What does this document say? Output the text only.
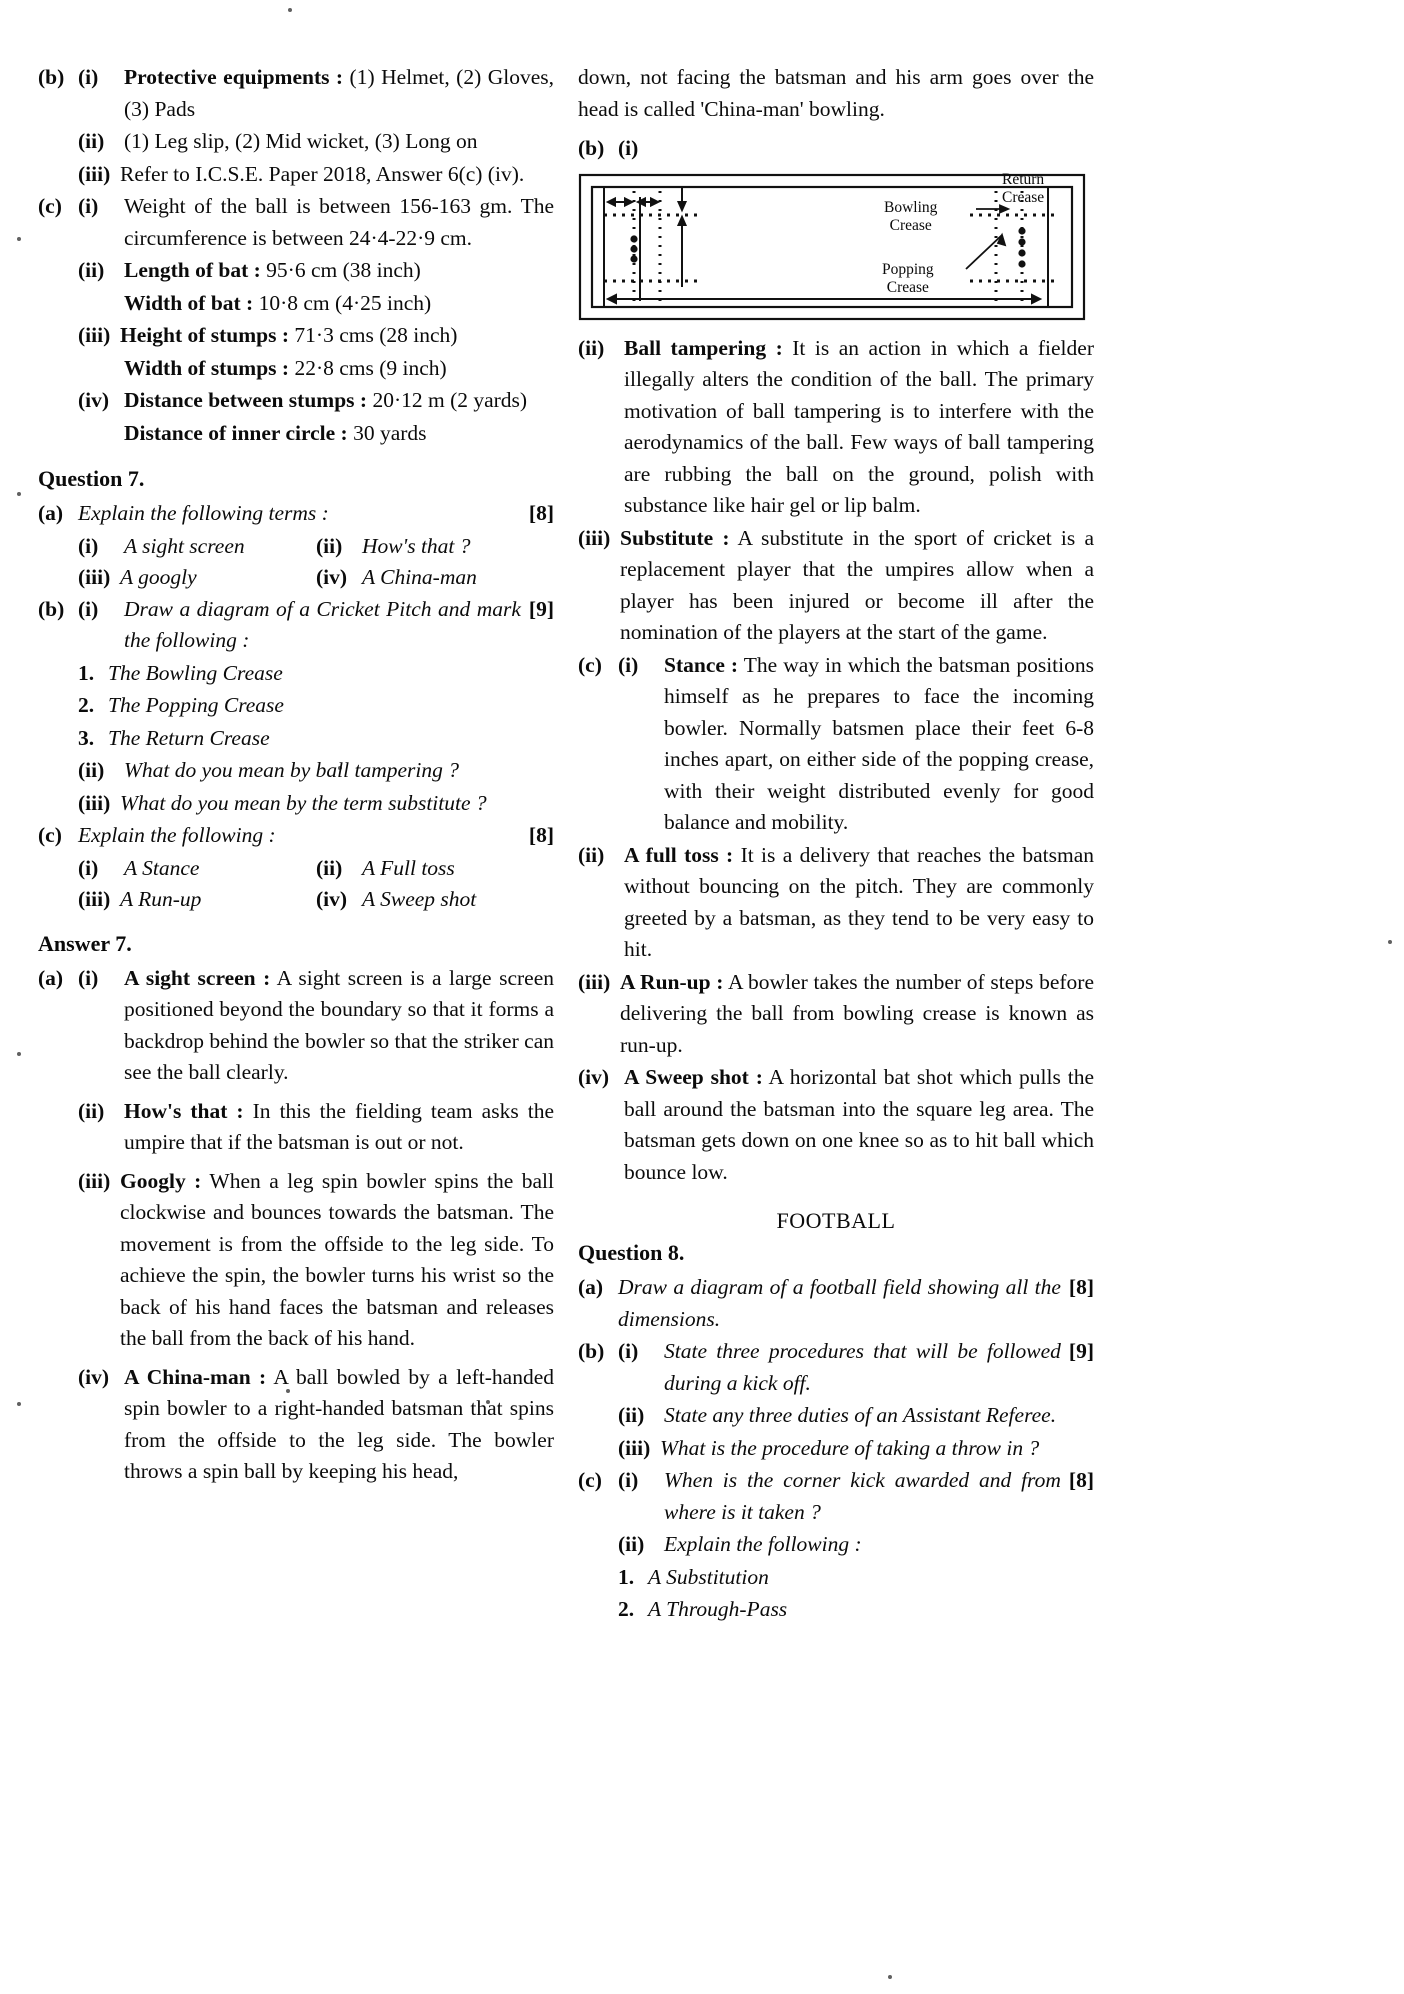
(b) (i)	Protective equipments : (1) Helmet, (2) Gloves, (3) Pads
(ii) (1) Leg slip, (2) Mid wicket, (3) Long on
(iii) Refer to I.C.S.E. Paper 2018, Answer 6(c) (iv).
(c) (i)	Weight of the ball is between 156-163 gm. The circumference is between 24·4-22·9 cm.
(ii) Length of bat : 95·6 cm (38 inch)
Width of bat : 10·8 cm (4·25 inch)
(iii) Height of stumps : 71·3 cms (28 inch)
Width of stumps : 22·8 cms (9 inch)
(iv) Distance between stumps : 20·12 m (2 yards)
Distance of inner circle : 30 yards
Question 7.
(a)	[8]
Explain the following terms :
(i)	A sight screen	(ii) How's that ?
(iii) A googly	(iv) A China-man
(b) (i)	[9]
Draw a diagram of a Cricket Pitch and mark the following :
1. The Bowling Crease
2. The Popping Crease
3. The Return Crease
(ii) What do you mean by ball tampering ?
(iii) What do you mean by the term substitute ?
(c)	[8]
Explain the following :
(i)	A Stance	(ii) A Full toss
(iii) A Run-up	(iv) A Sweep shot
Answer 7.
(a) (i)	A sight screen : A sight screen is a large screen positioned beyond the boundary so that it forms a backdrop behind the bowler so that the striker can see the ball clearly.
(ii) How's that : In this the fielding team asks the umpire that if the batsman is out or not.
(iii) Googly : When a leg spin bowler spins the ball clockwise and bounces towards the batsman. The movement is from the offside to the leg side. To achieve the spin, the bowler turns his wrist so the back of his hand faces the batsman and releases the ball from the back of his hand.
(iv) A China-man : A ball bowled by a left-handed spin bowler to a right-handed batsman that spins from the offside to the leg side. The bowler throws a spin ball by keeping his head,
down, not facing the batsman and his arm goes over the head is called 'China-man' bowling.
(b) (i)
Return
Crease
Bowling
Crease
Popping
Crease
(ii) Ball tampering : It is an action in which a fielder illegally alters the condition of the ball. The primary motivation of ball tampering is to interfere with the aerodynamics of the ball. Few ways of ball tampering are rubbing the ball on the ground, polish with substance like hair gel or lip balm.
(iii) Substitute : A substitute in the sport of cricket is a replacement player that the umpires allow when a player has been injured or become ill after the nomination of the players at the start of the game.
(c) (i)	Stance : The way in which the batsman positions himself as he prepares to face the incoming bowler. Normally batsmen place their feet 6-8 inches apart, on either side of the popping crease, with their weight distributed evenly for good balance and mobility.
(ii) A full toss : It is a delivery that reaches the batsman without bouncing on the pitch. They are commonly greeted by a batsman, as they tend to be very easy to hit.
(iii) A Run-up : A bowler takes the number of steps before delivering the ball from bowling crease is known as run-up.
(iv) A Sweep shot : A horizontal bat shot which pulls the ball around the batsman into the square leg area. The batsman gets down on one knee so as to hit ball which bounce low.
FOOTBALL
Question 8.
(a)	[8]
Draw a diagram of a football field showing all the dimensions.
(b) (i)	[9]
State three procedures that will be followed during a kick off.
(ii) State any three duties of an Assistant Referee.
(iii) What is the procedure of taking a throw in ?
(c) (i)	[8]
When is the corner kick awarded and from where is it taken ?
(ii) Explain the following :
1. A Substitution
2. A Through-Pass
